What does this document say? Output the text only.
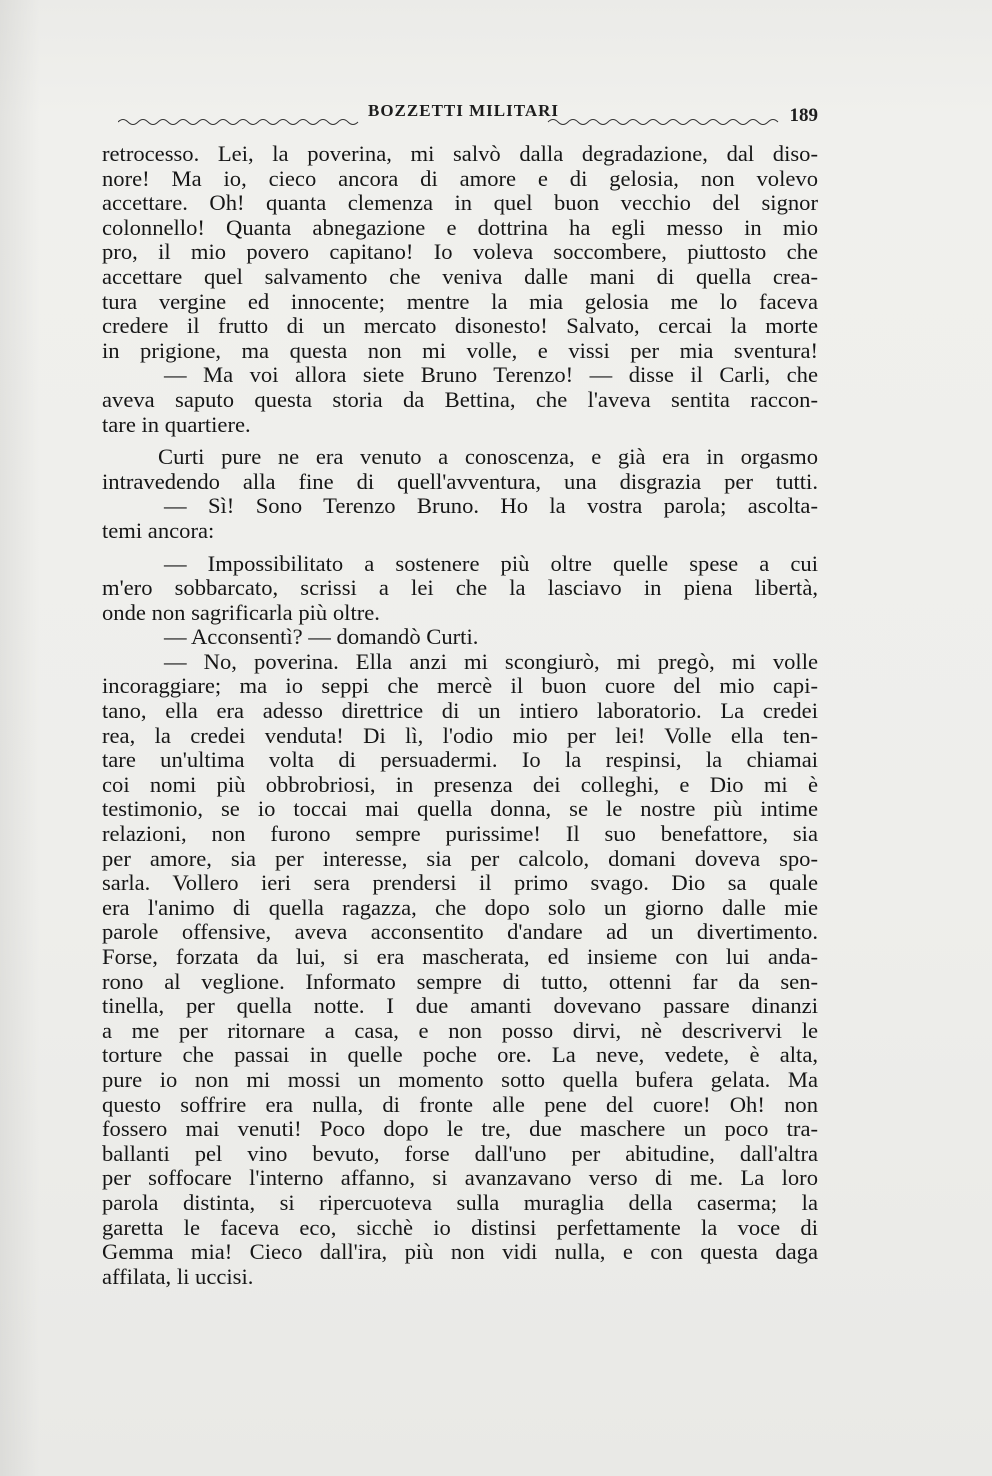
BOZZETTI MILITARI	189

retrocesso. Lei, la poverina, mi salvò dalla degradazione, dal diso-
nore! Ma io, cieco ancora di amore e di gelosia, non volevo
accettare. Oh! quanta clemenza in quel buon vecchio del signor
colonnello! Quanta abnegazione e dottrina ha egli messo in mio
pro, il mio povero capitano! Io voleva soccombere, piuttosto che
accettare quel salvamento che veniva dalle mani di quella crea-
tura vergine ed innocente; mentre la mia gelosia me lo faceva
credere il frutto di un mercato disonesto! Salvato, cercai la morte
in prigione, ma questa non mi volle, e vissi per mia sventura!

— Ma voi allora siete Bruno Terenzo! — disse il Carli, che
aveva saputo questa storia da Bettina, che l'aveva sentita raccon-
tare in quartiere.

Curti pure ne era venuto a conoscenza, e già era in orgasmo
intravedendo alla fine di quell'avventura, una disgrazia per tutti.

— Sì! Sono Terenzo Bruno. Ho la vostra parola; ascolta-
temi ancora:

— Impossibilitato a sostenere più oltre quelle spese a cui
m'ero sobbarcato, scrissi a lei che la lasciavo in piena libertà,
onde non sagrificarla più oltre.

— Acconsentì? — domandò Curti.

— No, poverina. Ella anzi mi scongiurò, mi pregò, mi volle
incoraggiare; ma io seppi che mercè il buon cuore del mio capi-
tano, ella era adesso direttrice di un intiero laboratorio. La credei
rea, la credei venduta! Di lì, l'odio mio per lei! Volle ella ten-
tare un'ultima volta di persuadermi. Io la respinsi, la chiamai
coi nomi più obbrobriosi, in presenza dei colleghi, e Dio mi è
testimonio, se io toccai mai quella donna, se le nostre più intime
relazioni, non furono sempre purissime! Il suo benefattore, sia
per amore, sia per interesse, sia per calcolo, domani doveva spo-
sarla. Vollero ieri sera prendersi il primo svago. Dio sa quale
era l'animo di quella ragazza, che dopo solo un giorno dalle mie
parole offensive, aveva acconsentito d'andare ad un divertimento.
Forse, forzata da lui, si era mascherata, ed insieme con lui anda-
rono al veglione. Informato sempre di tutto, ottenni far da sen-
tinella, per quella notte. I due amanti dovevano passare dinanzi
a me per ritornare a casa, e non posso dirvi, nè descrivervi le
torture che passai in quelle poche ore. La neve, vedete, è alta,
pure io non mi mossi un momento sotto quella bufera gelata. Ma
questo soffrire era nulla, di fronte alle pene del cuore! Oh! non
fossero mai venuti! Poco dopo le tre, due maschere un poco tra-
ballanti pel vino bevuto, forse dall'uno per abitudine, dall'altra
per soffocare l'interno affanno, si avanzavano verso di me. La loro
parola distinta, si ripercuoteva sulla muraglia della caserma; la
garetta le faceva eco, sicchè io distinsi perfettamente la voce di
Gemma mia! Cieco dall'ira, più non vidi nulla, e con questa daga
affilata, li uccisi.
